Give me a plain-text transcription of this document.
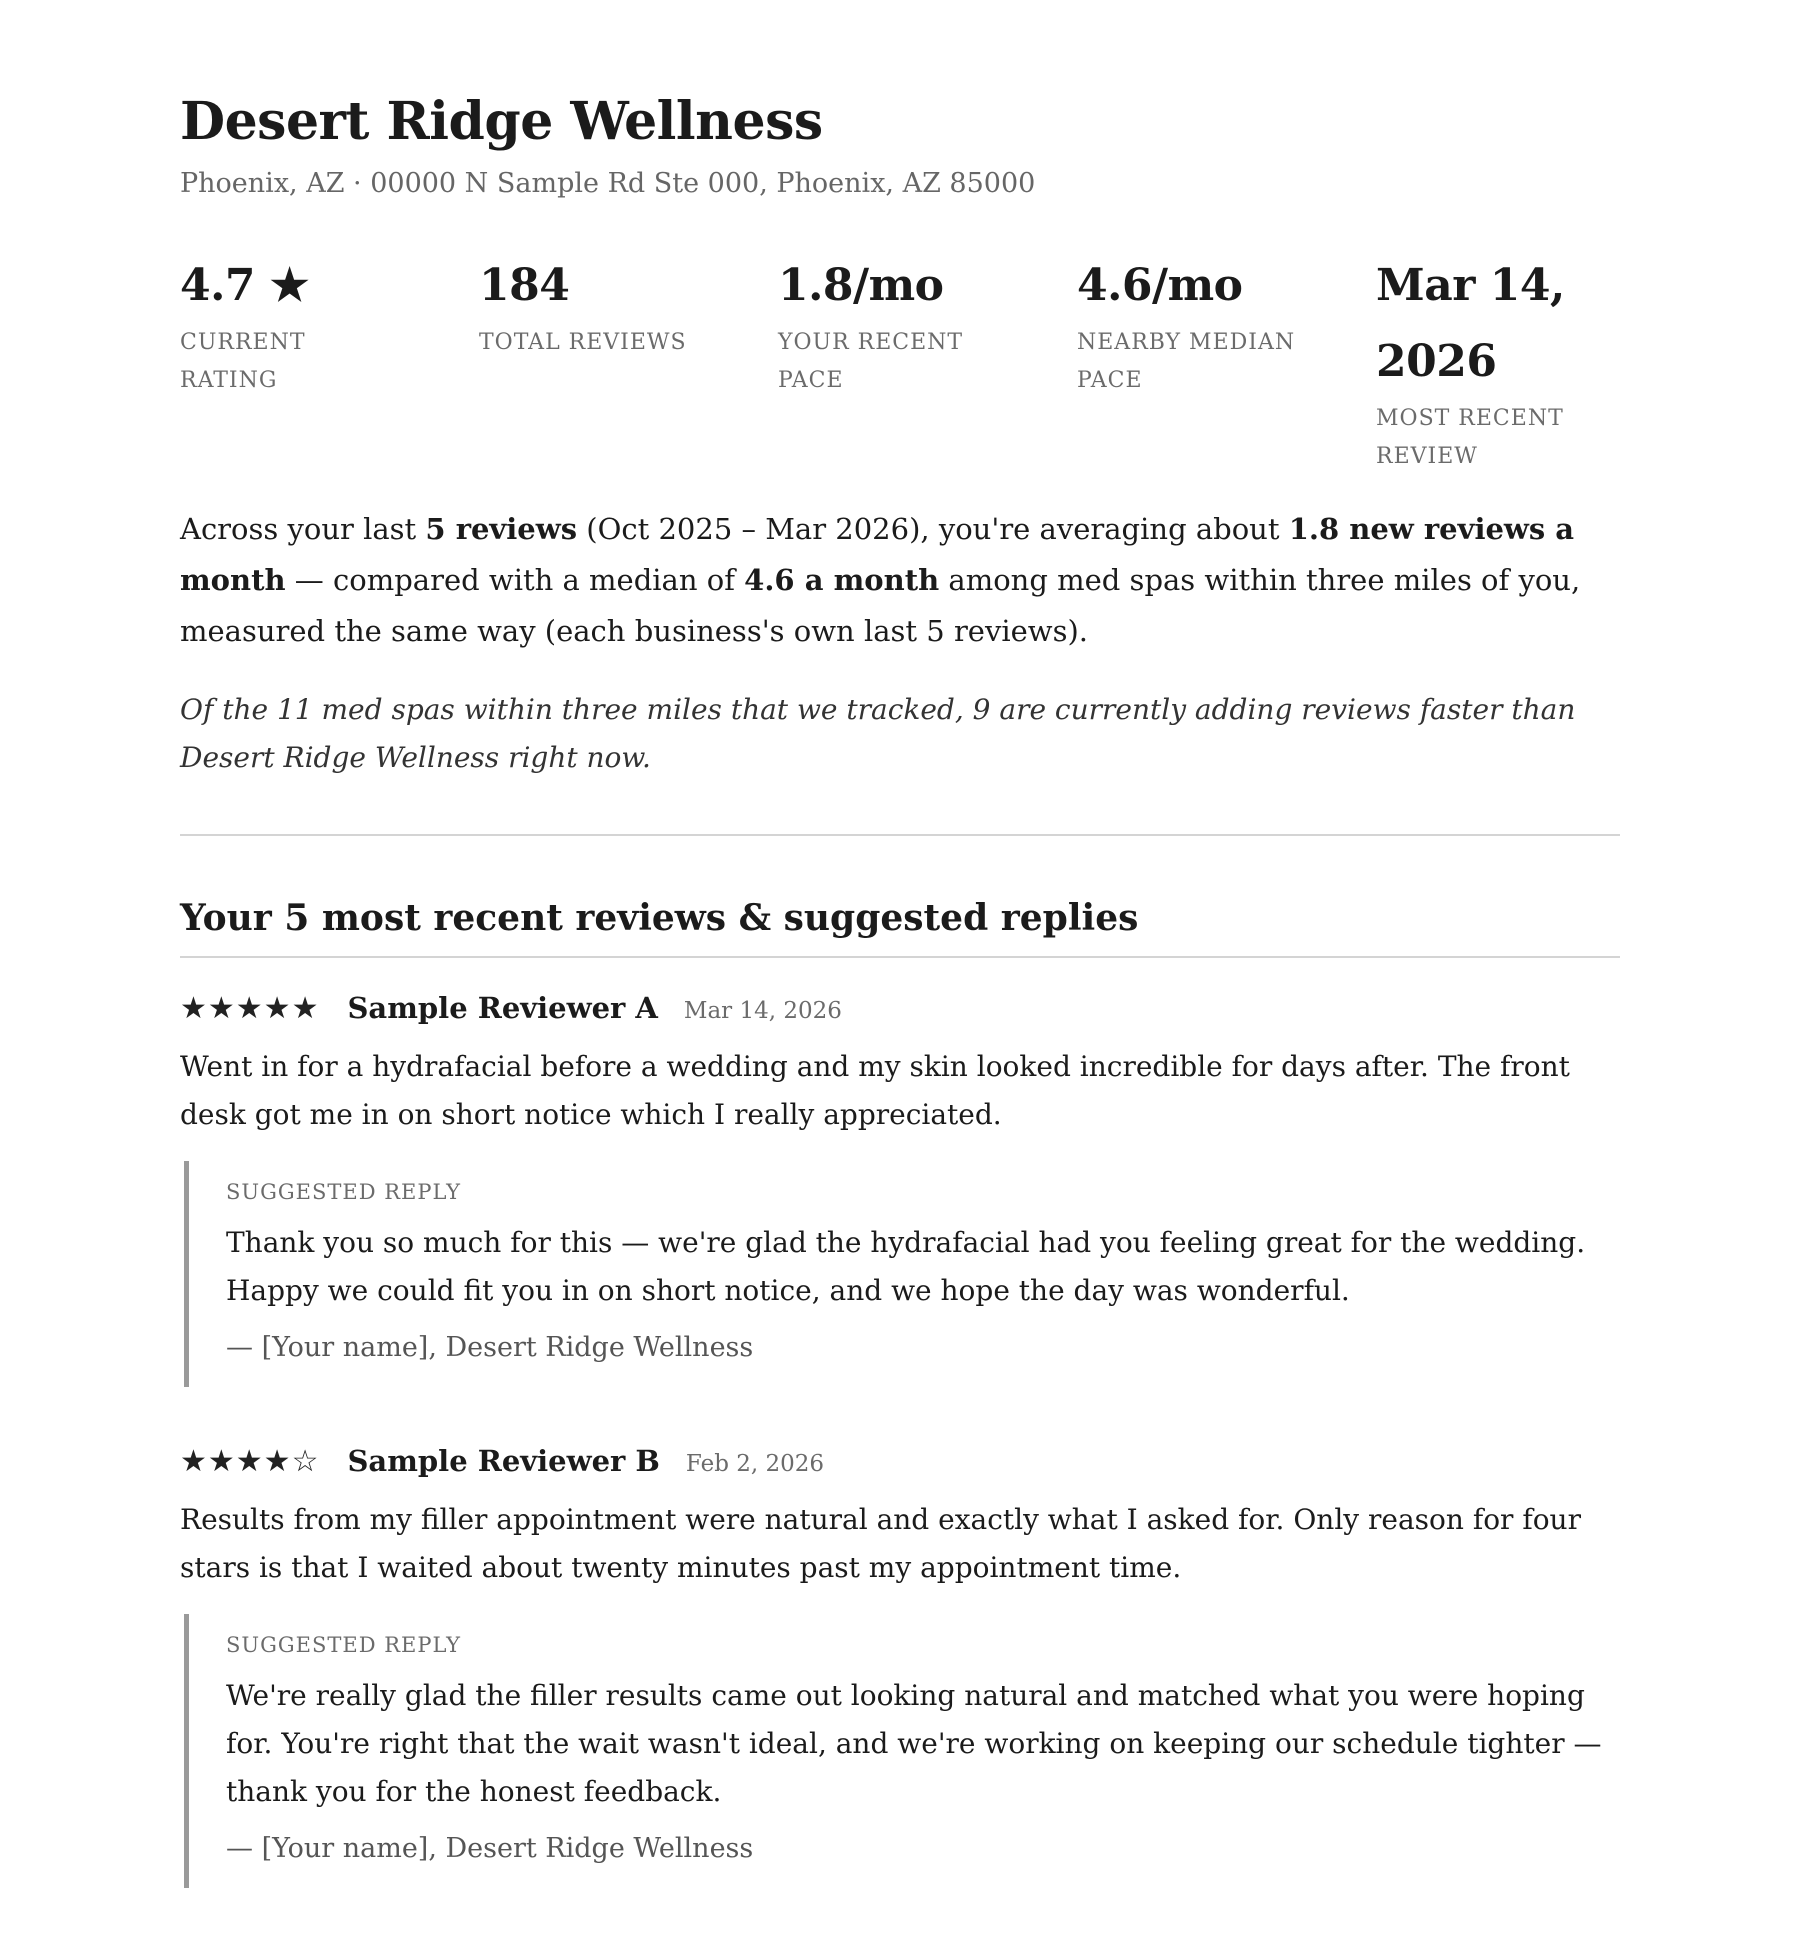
Desert Ridge Wellness
Phoenix, AZ · 00000 N Sample Rd Ste 000, Phoenix, AZ 85000
4.7 ★
CURRENT RATING
184
TOTAL REVIEWS
1.8/mo
YOUR RECENT PACE
4.6/mo
NEARBY MEDIAN PACE
Mar 14, 2026
MOST RECENT REVIEW

Across your last 5 reviews (Oct 2025 – Mar 2026), you're averaging about 1.8 new reviews a month — compared with a median of 4.6 a month among med spas within three miles of you, measured the same way (each business's own last 5 reviews).

Of the 11 med spas within three miles that we tracked, 9 are currently adding reviews faster than Desert Ridge Wellness right now.

Your 5 most recent reviews & suggested replies
★★★★★ Sample Reviewer A Mar 14, 2026
Went in for a hydrafacial before a wedding and my skin looked incredible for days after. The front desk got me in on short notice which I really appreciated.
SUGGESTED REPLY
Thank you so much for this — we're glad the hydrafacial had you feeling great for the wedding. Happy we could fit you in on short notice, and we hope the day was wonderful.
— [Your name], Desert Ridge Wellness
★★★★☆ Sample Reviewer B Feb 2, 2026
Results from my filler appointment were natural and exactly what I asked for. Only reason for four stars is that I waited about twenty minutes past my appointment time.
SUGGESTED REPLY
We're really glad the filler results came out looking natural and matched what you were hoping for. You're right that the wait wasn't ideal, and we're working on keeping our schedule tighter — thank you for the honest feedback.
— [Your name], Desert Ridge Wellness
